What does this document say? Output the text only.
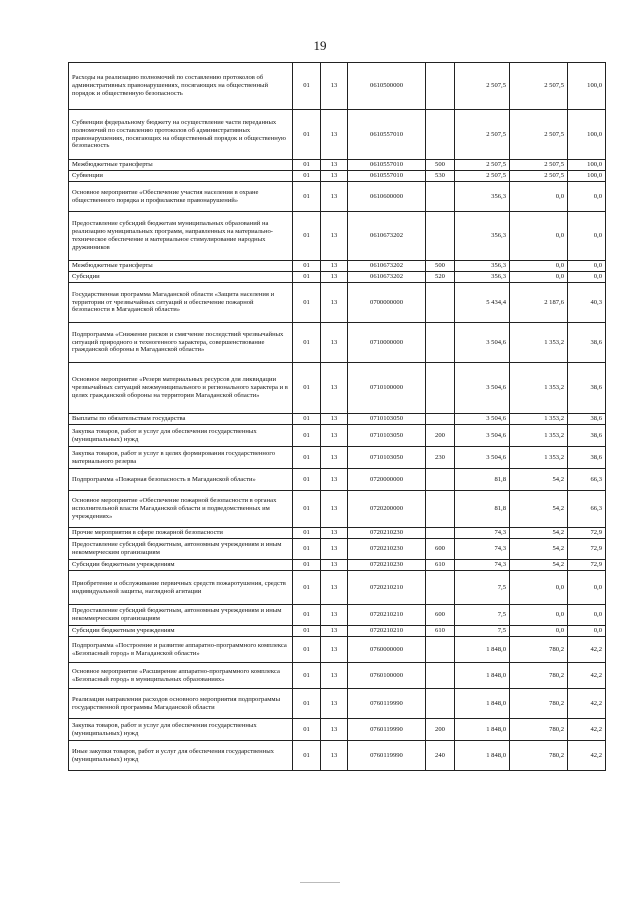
19
Расходы на реализацию полномочий по составлению протоколов об административных правонарушениях, посягающих на общественный порядок и общественную безопасность	01	13	0610500000		2 507,5	2 507,5	100,0
Субвенции федеральному бюджету на осуществление части переданных полномочий по составлению протоколов об административных правонарушениях, посягающих на общественный порядок и общественную безопасность	01	13	0610557010		2 507,5	2 507,5	100,0
Межбюджетные трансферты	01	13	0610557010	500	2 507,5	2 507,5	100,0
Субвенции	01	13	0610557010	530	2 507,5	2 507,5	100,0
Основное мероприятие «Обеспечение участия населения в охране общественного порядка и профилактике правонарушений»	01	13	0610600000		356,3	0,0	0,0
Предоставление субсидий бюджетам муниципальных образований на реализацию муниципальных программ, направленных на материально-техническое обеспечение и материальное стимулирование народных дружинников	01	13	0610673202		356,3	0,0	0,0
Межбюджетные трансферты	01	13	0610673202	500	356,3	0,0	0,0
Субсидии	01	13	0610673202	520	356,3	0,0	0,0
Государственная программа Магаданской области «Защита населения и территории от чрезвычайных ситуаций и обеспечение пожарной безопасности в Магаданской области»	01	13	0700000000		5 434,4	2 187,6	40,3
Подпрограмма «Снижение рисков и смягчение последствий чрезвычайных ситуаций природного и техногенного характера, совершенствование гражданской обороны в Магаданской области»	01	13	0710000000		3 504,6	1 353,2	38,6
Основное мероприятие «Резерв материальных ресурсов для ликвидации чрезвычайных ситуаций межмуниципального и регионального характера и в целях гражданской обороны на территории Магаданской области»	01	13	0710100000		3 504,6	1 353,2	38,6
Выплаты по обязательствам государства	01	13	0710103050		3 504,6	1 353,2	38,6
Закупка товаров, работ и услуг для обеспечения государственных (муниципальных) нужд	01	13	0710103050	200	3 504,6	1 353,2	38,6
Закупка товаров, работ и услуг в целях формирования государственного материального резерва	01	13	0710103050	230	3 504,6	1 353,2	38,6
Подпрограмма «Пожарная безопасность в Магаданской области»	01	13	0720000000		81,8	54,2	66,3
Основное мероприятие «Обеспечение пожарной безопасности в органах исполнительной власти Магаданской области и подведомственных им учреждениях»	01	13	0720200000		81,8	54,2	66,3
Прочие мероприятия в сфере пожарной безопасности	01	13	0720210230		74,3	54,2	72,9
Предоставление субсидий бюджетным, автономным учреждениям и иным некоммерческим организациям	01	13	0720210230	600	74,3	54,2	72,9
Субсидии бюджетным учреждениям	01	13	0720210230	610	74,3	54,2	72,9
Приобретение и обслуживание первичных средств пожаротушения, средств индивидуальной защиты, наглядной агитации	01	13	0720210210		7,5	0,0	0,0
Предоставление субсидий бюджетным, автономным учреждениям и иным некоммерческим организациям	01	13	0720210210	600	7,5	0,0	0,0
Субсидии бюджетным учреждениям	01	13	0720210210	610	7,5	0,0	0,0
Подпрограмма «Построение и развитие аппаратно-программного комплекса «Безопасный город» в Магаданской области»	01	13	0760000000		1 848,0	780,2	42,2
Основное мероприятие «Расширение аппаратно-программного комплекса «Безопасный город» в муниципальных образованиях»	01	13	0760100000		1 848,0	780,2	42,2
Реализация направления расходов основного мероприятия подпрограммы государственной программы Магаданской области	01	13	0760119990		1 848,0	780,2	42,2
Закупка товаров, работ и услуг для обеспечения государственных (муниципальных) нужд	01	13	0760119990	200	1 848,0	780,2	42,2
Иные закупки товаров, работ и услуг для обеспечения государственных (муниципальных) нужд	01	13	0760119990	240	1 848,0	780,2	42,2
